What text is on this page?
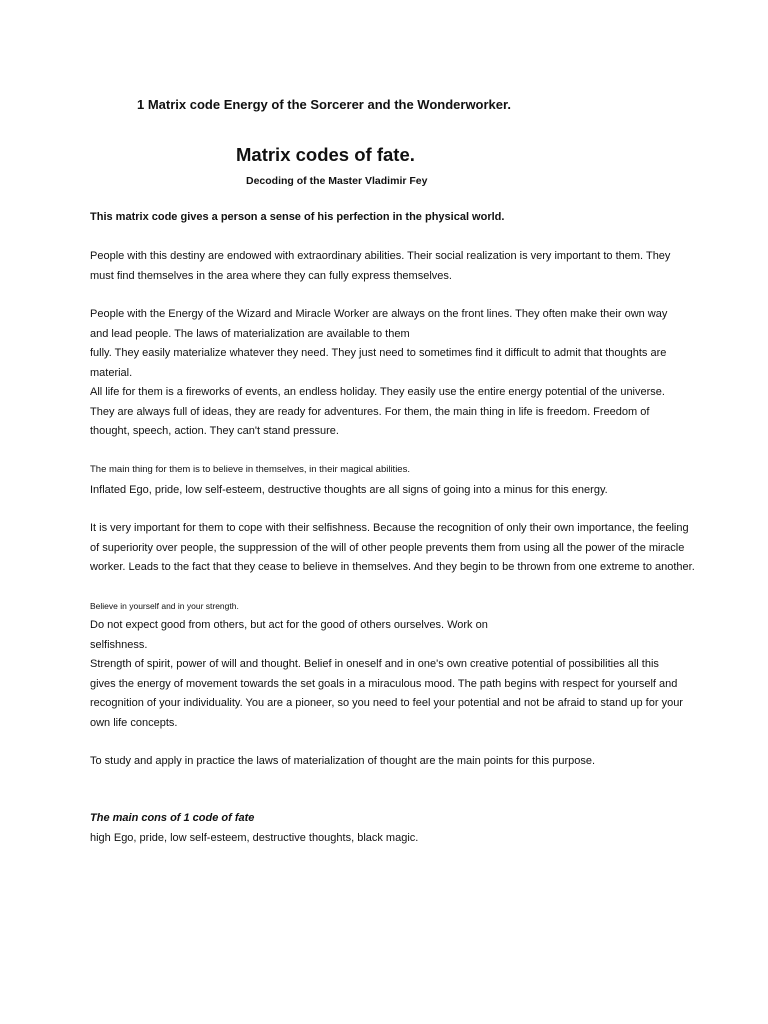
1 Matrix code Energy of the Sorcerer and the Wonderworker.

Matrix codes of fate.

Decoding of the Master Vladimir Fey

This matrix code gives a person a sense of his perfection in the physical world.

People with this destiny are endowed with extraordinary abilities. Their social realization is very important to them. They
must find themselves in the area where they can fully express themselves.
People with the Energy of the Wizard and Miracle Worker are always on the front lines. They often make their own way
and lead people. The laws of materialization are available to them
fully. They easily materialize whatever they need. They just need to sometimes find it difficult to admit that thoughts are
material.
All life for them is a fireworks of events, an endless holiday. They easily use the entire energy potential of the universe.
They are always full of ideas, they are ready for adventures. For them, the main thing in life is freedom. Freedom of
thought, speech, action. They can't stand pressure.

The main thing for them is to believe in themselves, in their magical abilities.

Inflated Ego, pride, low self-esteem, destructive thoughts are all signs of going into a minus for this energy.
It is very important for them to cope with their selfishness. Because the recognition of only their own importance, the feeling
of superiority over people, the suppression of the will of other people prevents them from using all the power of the miracle
worker. Leads to the fact that they cease to believe in themselves. And they begin to be thrown from one extreme to another.

Believe in yourself and in your strength.

Do not expect good from others, but act for the good of others ourselves. Work on
selfishness.
Strength of spirit, power of will and thought. Belief in oneself and in one's own creative potential of possibilities all this
gives the energy of movement towards the set goals in a miraculous mood. The path begins with respect for yourself and
recognition of your individuality. You are a pioneer, so you need to feel your potential and not be afraid to stand up for your
own life concepts.
To study and apply in practice the laws of materialization of thought are the main points for this purpose.

The main cons of 1 code of fate

high Ego, pride, low self-esteem, destructive thoughts, black magic.
